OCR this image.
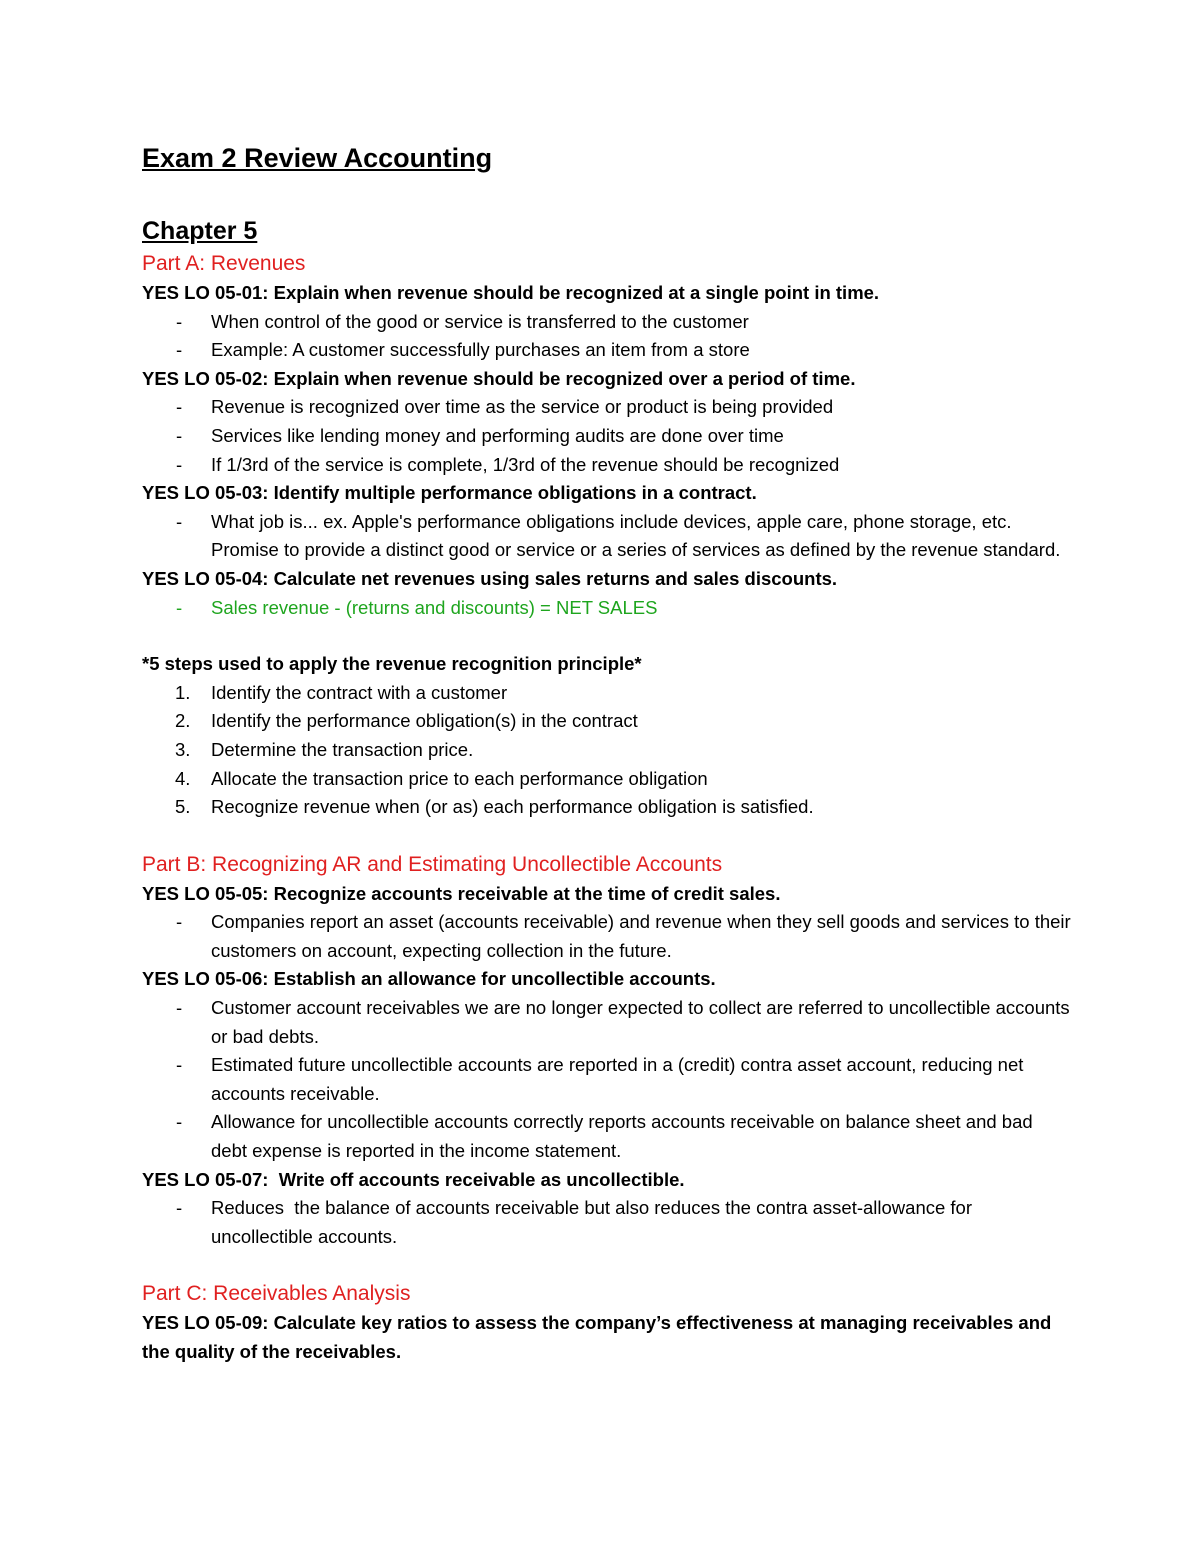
Exam 2 Review Accounting
Chapter 5
Part A: Revenues
YES LO 05-01: Explain when revenue should be recognized at a single point in time.
- When control of the good or service is transferred to the customer
- Example: A customer successfully purchases an item from a store
YES LO 05-02: Explain when revenue should be recognized over a period of time.
- Revenue is recognized over time as the service or product is being provided
- Services like lending money and performing audits are done over time
- If 1/3rd of the service is complete, 1/3rd of the revenue should be recognized
YES LO 05-03: Identify multiple performance obligations in a contract.
- What job is... ex. Apple's performance obligations include devices, apple care, phone storage, etc. Promise to provide a distinct good or service or a series of services as defined by the revenue standard.
YES LO 05-04: Calculate net revenues using sales returns and sales discounts.
- Sales revenue - (returns and discounts) = NET SALES
*5 steps used to apply the revenue recognition principle*
1. Identify the contract with a customer
2. Identify the performance obligation(s) in the contract
3. Determine the transaction price.
4. Allocate the transaction price to each performance obligation
5. Recognize revenue when (or as) each performance obligation is satisfied.
Part B: Recognizing AR and Estimating Uncollectible Accounts
YES LO 05-05: Recognize accounts receivable at the time of credit sales.
- Companies report an asset (accounts receivable) and revenue when they sell goods and services to their customers on account, expecting collection in the future.
YES LO 05-06: Establish an allowance for uncollectible accounts.
- Customer account receivables we are no longer expected to collect are referred to uncollectible accounts or bad debts.
- Estimated future uncollectible accounts are reported in a (credit) contra asset account, reducing net accounts receivable.
- Allowance for uncollectible accounts correctly reports accounts receivable on balance sheet and bad debt expense is reported in the income statement.
YES LO 05-07:  Write off accounts receivable as uncollectible.
- Reduces  the balance of accounts receivable but also reduces the contra asset-allowance for uncollectible accounts.
Part C: Receivables Analysis
YES LO 05-09: Calculate key ratios to assess the company’s effectiveness at managing receivables and the quality of the receivables.
